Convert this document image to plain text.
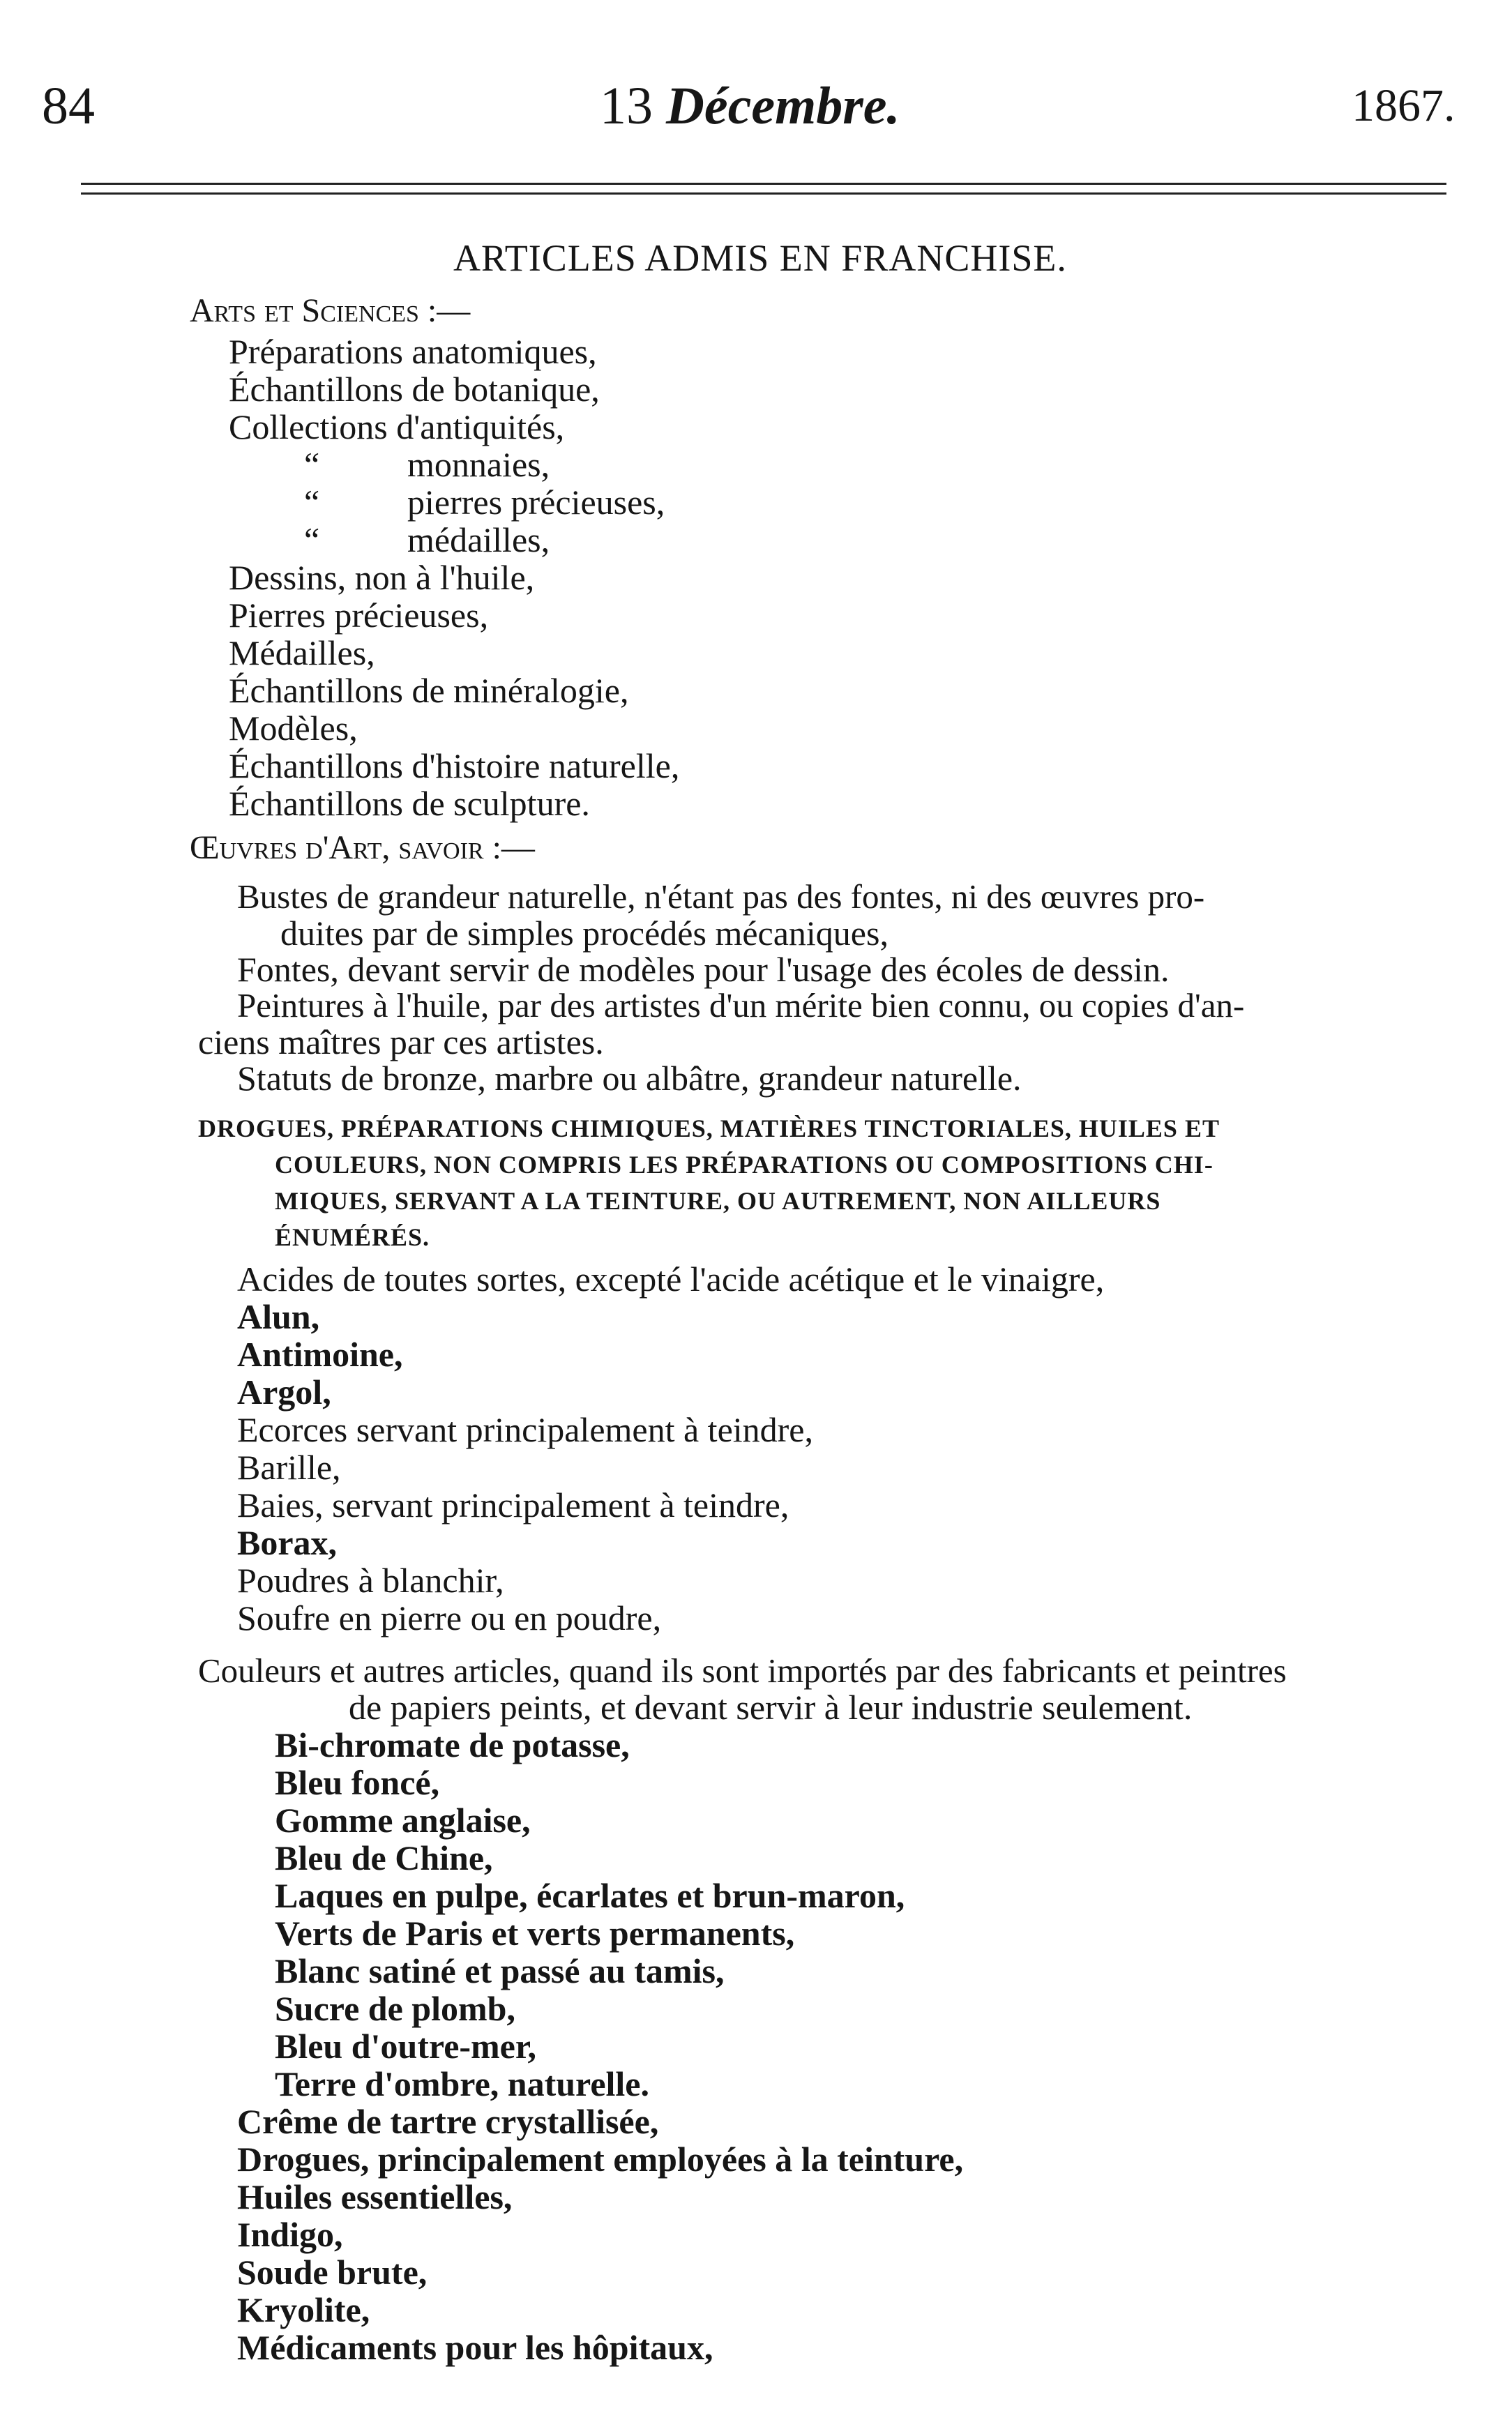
84	13 Décembre.	1867.
ARTICLES ADMIS EN FRANCHISE.
Arts et Sciences :—
Préparations anatomiques,
Échantillons de botanique,
Collections d'antiquités,
“	monnaies,
“	pierres précieuses,
“	médailles,
Dessins, non à l'huile,
Pierres précieuses,
Médailles,
Échantillons de minéralogie,
Modèles,
Échantillons d'histoire naturelle,
Échantillons de sculpture.
Œuvres d'Art, savoir :—
Bustes de grandeur naturelle, n'étant pas des fontes, ni des œuvres pro-
duites par de simples procédés mécaniques,
Fontes, devant servir de modèles pour l'usage des écoles de dessin.
Peintures à l'huile, par des artistes d'un mérite bien connu, ou copies d'an-
ciens maîtres par ces artistes.
Statuts de bronze, marbre ou albâtre, grandeur naturelle.
DROGUES, PRÉPARATIONS CHIMIQUES, MATIÈRES TINCTORIALES, HUILES ET
COULEURS, NON COMPRIS LES PRÉPARATIONS OU COMPOSITIONS CHI-
MIQUES, SERVANT A LA TEINTURE, OU AUTREMENT, NON AILLEURS
ÉNUMÉRÉS.
Acides de toutes sortes, excepté l'acide acétique et le vinaigre,
Alun,
Antimoine,
Argol,
Ecorces servant principalement à teindre,
Barille,
Baies, servant principalement à teindre,
Borax,
Poudres à blanchir,
Soufre en pierre ou en poudre,
Couleurs et autres articles, quand ils sont importés par des fabricants et peintres
de papiers peints, et devant servir à leur industrie seulement.
Bi-chromate de potasse,
Bleu foncé,
Gomme anglaise,
Bleu de Chine,
Laques en pulpe, écarlates et brun-maron,
Verts de Paris et verts permanents,
Blanc satiné et passé au tamis,
Sucre de plomb,
Bleu d'outre-mer,
Terre d'ombre, naturelle.
Crême de tartre crystallisée,
Drogues, principalement employées à la teinture,
Huiles essentielles,
Indigo,
Soude brute,
Kryolite,
Médicaments pour les hôpitaux,
